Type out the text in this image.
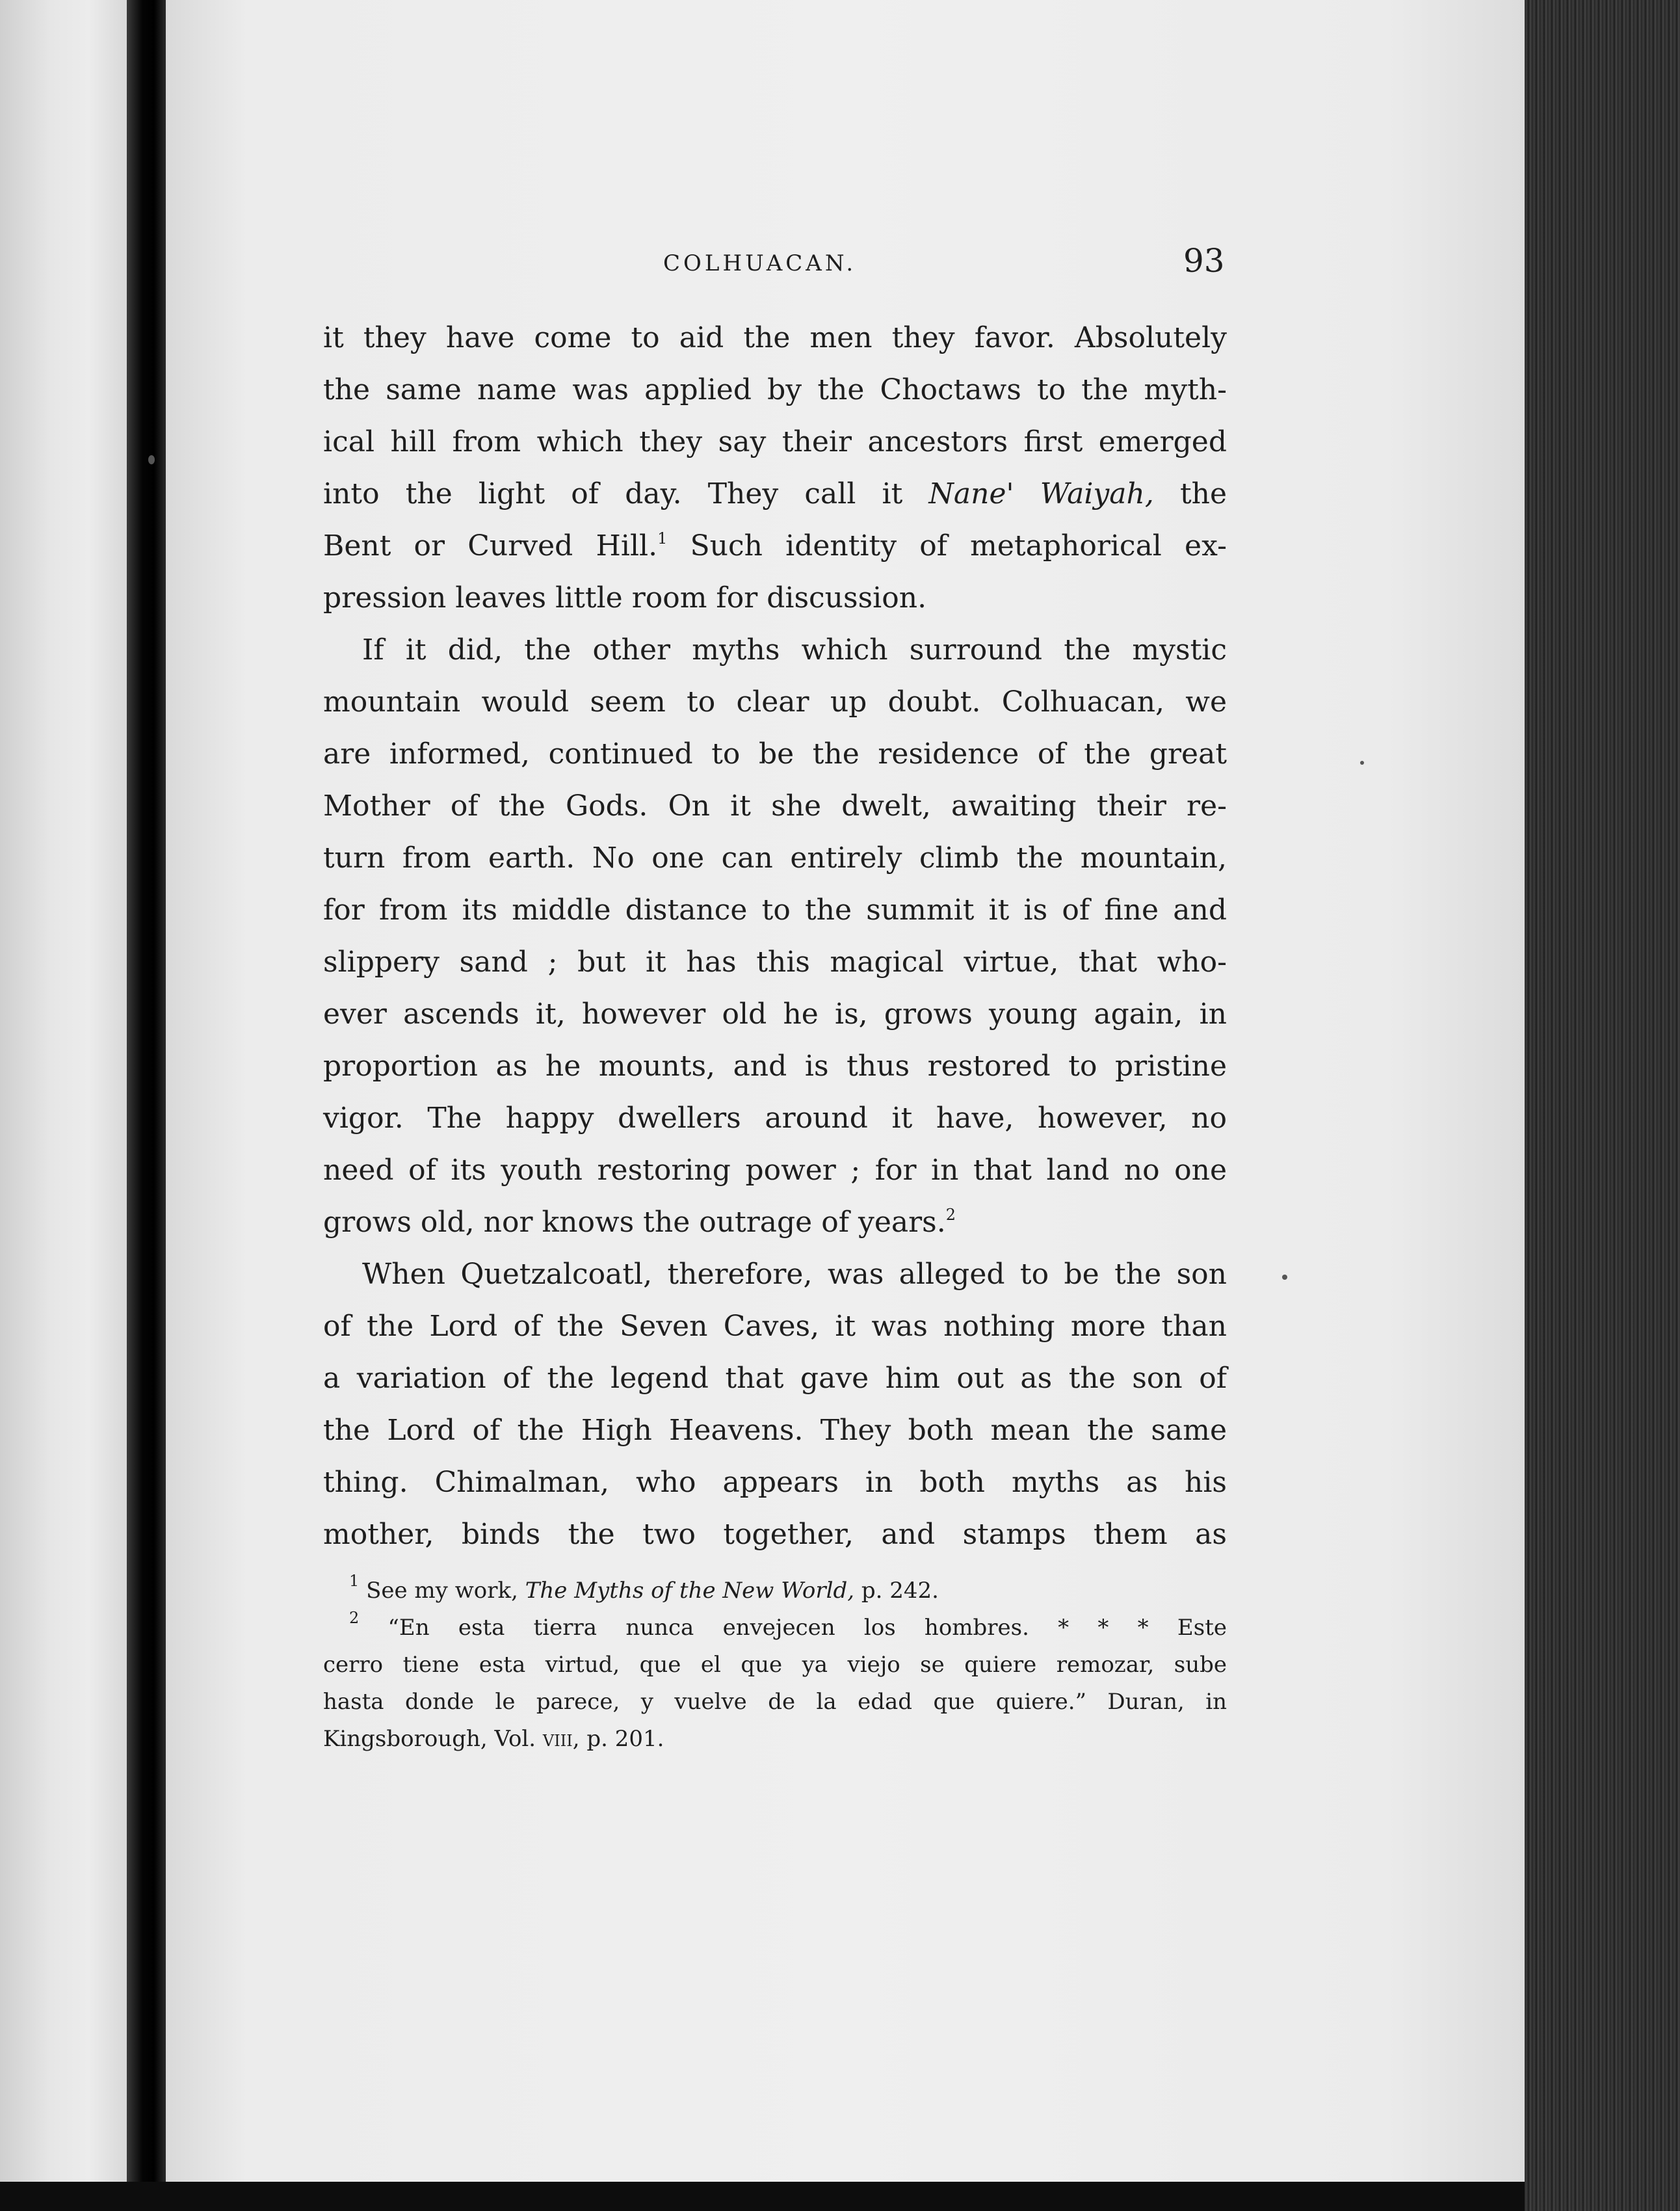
COLHUACAN.	93
it they have come to aid the men they favor. Absolutely
the same name was applied by the Choctaws to the myth-
ical hill from which they say their ancestors first emerged
into the light of day. They call it Nane' Waiyah, the
Bent or Curved Hill.$^1$ Such identity of metaphorical ex-
pression leaves little room for discussion.
If it did, the other myths which surround the mystic
mountain would seem to clear up doubt. Colhuacan, we
are informed, continued to be the residence of the great
Mother of the Gods. On it she dwelt, awaiting their re-
turn from earth. No one can entirely climb the mountain,
for from its middle distance to the summit it is of fine and
slippery sand ; but it has this magical virtue, that who-
ever ascends it, however old he is, grows young again, in
proportion as he mounts, and is thus restored to pristine
vigor. The happy dwellers around it have, however, no
need of its youth restoring power ; for in that land no one
grows old, nor knows the outrage of years.$^2$
When Quetzalcoatl, therefore, was alleged to be the son
of the Lord of the Seven Caves, it was nothing more than
a variation of the legend that gave him out as the son of
the Lord of the High Heavens. They both mean the same
thing. Chimalman, who appears in both myths as his
mother, binds the two together, and stamps them as
$^1$ See my work, The Myths of the New World, p. 242.
$^2$ “En esta tierra nunca envejecen los hombres. * * * Este
cerro tiene esta virtud, que el que ya viejo se quiere remozar, sube
hasta donde le parece, y vuelve de la edad que quiere.” Duran, in
Kingsborough, Vol. viii, p. 201.
